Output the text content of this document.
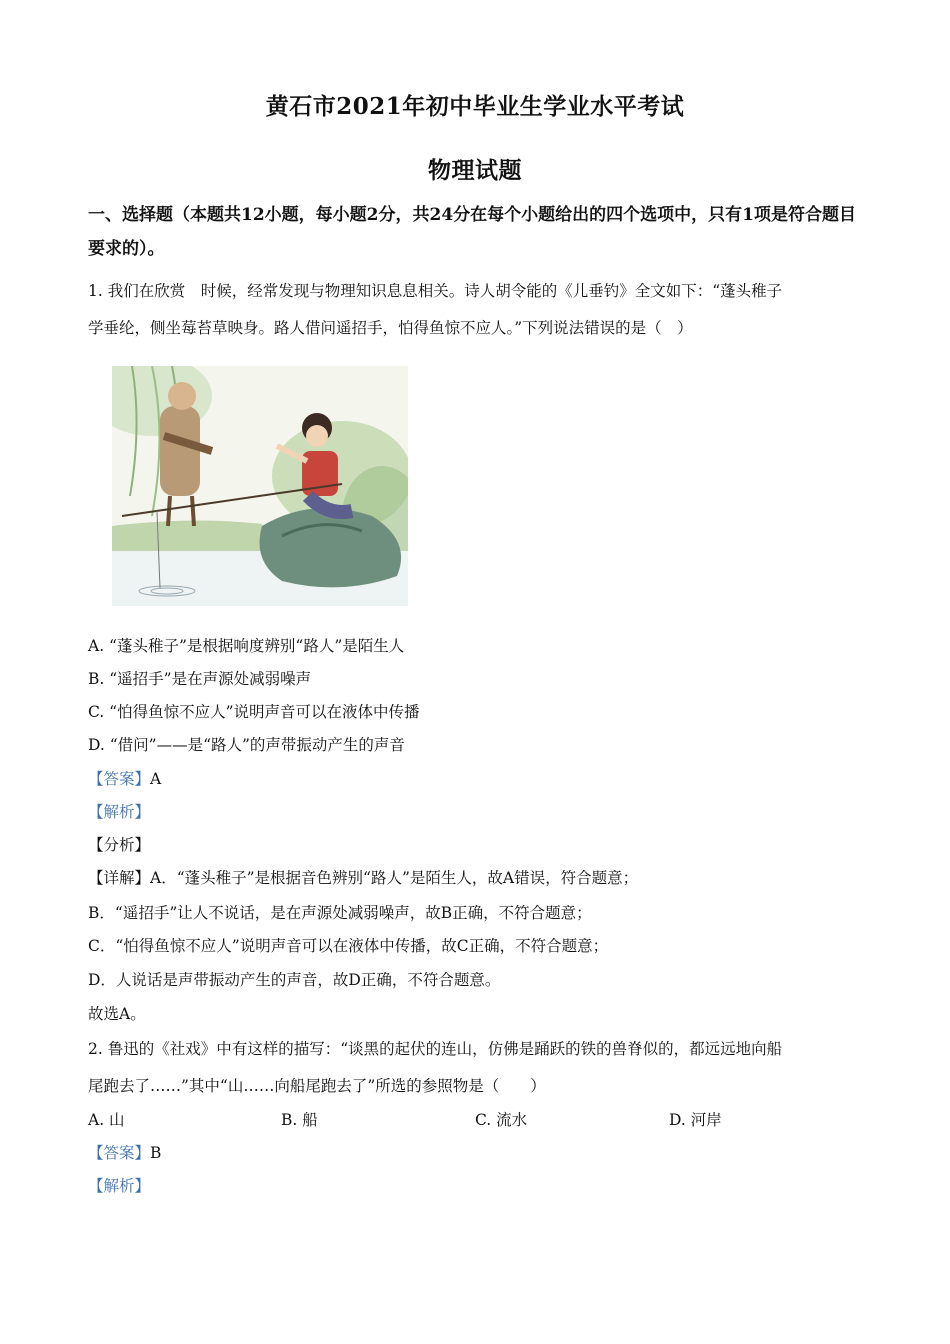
黄石市2021年初中毕业生学业水平考试
物理试题
一、选择题（本题共12小题，每小题2分，共24分在每个小题给出的四个选项中，只有1项是符合题目要求的）。
1. 我们在欣赏　时候，经常发现与物理知识息息相关。诗人胡令能的《儿垂钓》全文如下：“蓬头稚子
学垂纶，侧坐莓苔草映身。路人借问遥招手，怕得鱼惊不应人。”下列说法错误的是（　）
A. “蓬头稚子”是根据响度辨别“路人”是陌生人
B. “遥招手”是在声源处减弱噪声
C. “怕得鱼惊不应人”说明声音可以在液体中传播
D. “借问”——是“路人”的声带振动产生的声音
【答案】A
【解析】
【分析】
【详解】A．“蓬头稚子”是根据音色辨别“路人”是陌生人，故A错误，符合题意；
B．“遥招手”让人不说话，是在声源处减弱噪声，故B正确，不符合题意；
C．“怕得鱼惊不应人”说明声音可以在液体中传播，故C正确，不符合题意；
D．人说话是声带振动产生的声音，故D正确，不符合题意。
故选A。
2. 鲁迅的《社戏》中有这样的描写：“谈黑的起伏的连山，仿佛是踊跃的铁的兽脊似的，都远远地向船
尾跑去了……”其中“山……向船尾跑去了”所选的参照物是（　　）
A. 山	B. 船	C. 流水	D. 河岸
【答案】B
【解析】
